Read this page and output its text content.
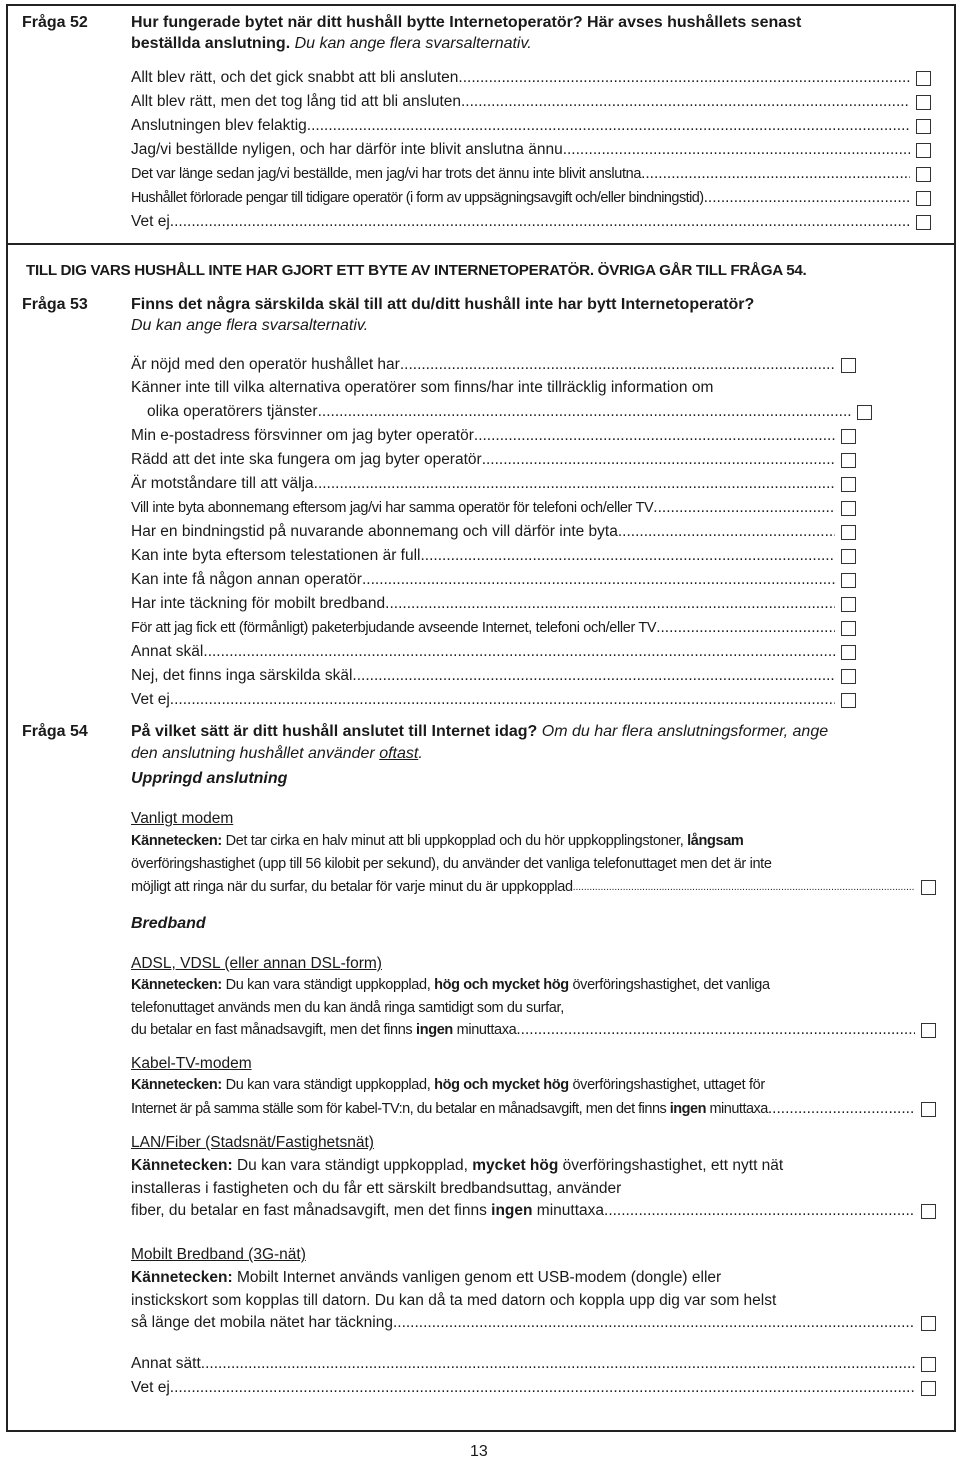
Fråga 52	Hur fungerade bytet när ditt hushåll bytte Internetoperatör? Här avses hushållets senast
beställda anslutning. Du kan ange flera svarsalternativ.
Allt blev rätt, och det gick snabbt att bli ansluten
.....
Allt blev rätt, men det tog lång tid att bli ansluten
.....
Anslutningen blev felaktig
.....
Jag/vi beställde nyligen, och har därför inte blivit anslutna ännu
.....
Det var länge sedan jag/vi beställde, men jag/vi har trots det ännu inte blivit anslutna
.....
Hushållet förlorade pengar till tidigare operatör (i form av uppsägningsavgift och/eller bindningstid)
.....
Vet ej
.....
TILL DIG VARS HUSHÅLL INTE HAR GJORT ETT BYTE AV INTERNETOPERATÖR. ÖVRIGA GÅR TILL FRÅGA 54.
Fråga 53	Finns det några särskilda skäl till att du/ditt hushåll inte har bytt Internetoperatör?
Du kan ange flera svarsalternativ.
Är nöjd med den operatör hushållet har
.....
Känner inte till vilka alternativa operatörer som finns/har inte tillräcklig information om
olika operatörers tjänster
.....
Min e-postadress försvinner om jag byter operatör
.....
Rädd att det inte ska fungera om jag byter operatör
.....
Är motståndare till att välja
.....
Vill inte byta abonnemang eftersom jag/vi har samma operatör för telefoni och/eller TV
.....
Har en bindningstid på nuvarande abonnemang och vill därför inte byta
.....
Kan inte byta eftersom telestationen är full
.....
Kan inte få någon annan operatör
.....
Har inte täckning för mobilt bredband
.....
För att jag fick ett (förmånligt) paketerbjudande avseende Internet, telefoni och/eller TV
.....
Annat skäl
.....
Nej, det finns inga särskilda skäl
.....
Vet ej
.....
Fråga 54	På vilket sätt är ditt hushåll anslutet till Internet idag? Om du har flera anslutningsformer, ange
den anslutning hushållet använder oftast.
Uppringd anslutning
Vanligt modem
Kännetecken: Det tar cirka en halv minut att bli uppkopplad och du hör uppkopplingstoner, långsam
överföringshastighet (upp till 56 kilobit per sekund), du använder det vanliga telefonuttaget men det är inte
möjligt att ringa när du surfar, du betalar för varje minut du är uppkopplad
.....
Bredband
ADSL, VDSL (eller annan DSL-form)
Kännetecken: Du kan vara ständigt uppkopplad, hög och mycket hög överföringshastighet, det vanliga
telefonuttaget används men du kan ändå ringa samtidigt som du surfar,
du betalar en fast månadsavgift, men det finns ingen minuttaxa
.....
Kabel-TV-modem
Kännetecken: Du kan vara ständigt uppkopplad, hög och mycket hög överföringshastighet, uttaget för
Internet är på samma ställe som för kabel-TV:n, du betalar en månadsavgift, men det finns ingen minuttaxa
.....
LAN/Fiber (Stadsnät/Fastighetsnät)
Kännetecken: Du kan vara ständigt uppkopplad, mycket hög överföringshastighet, ett nytt nät
installeras i fastigheten och du får ett särskilt bredbandsuttag, använder
fiber, du betalar en fast månadsavgift, men det finns ingen minuttaxa
.....
Mobilt Bredband (3G-nät)
Kännetecken: Mobilt Internet används vanligen genom ett USB-modem (dongle) eller
instickskort som kopplas till datorn. Du kan då ta med datorn och koppla upp dig var som helst
så länge det mobila nätet har täckning
.....
Annat sätt
.....
Vet ej
.....
13
